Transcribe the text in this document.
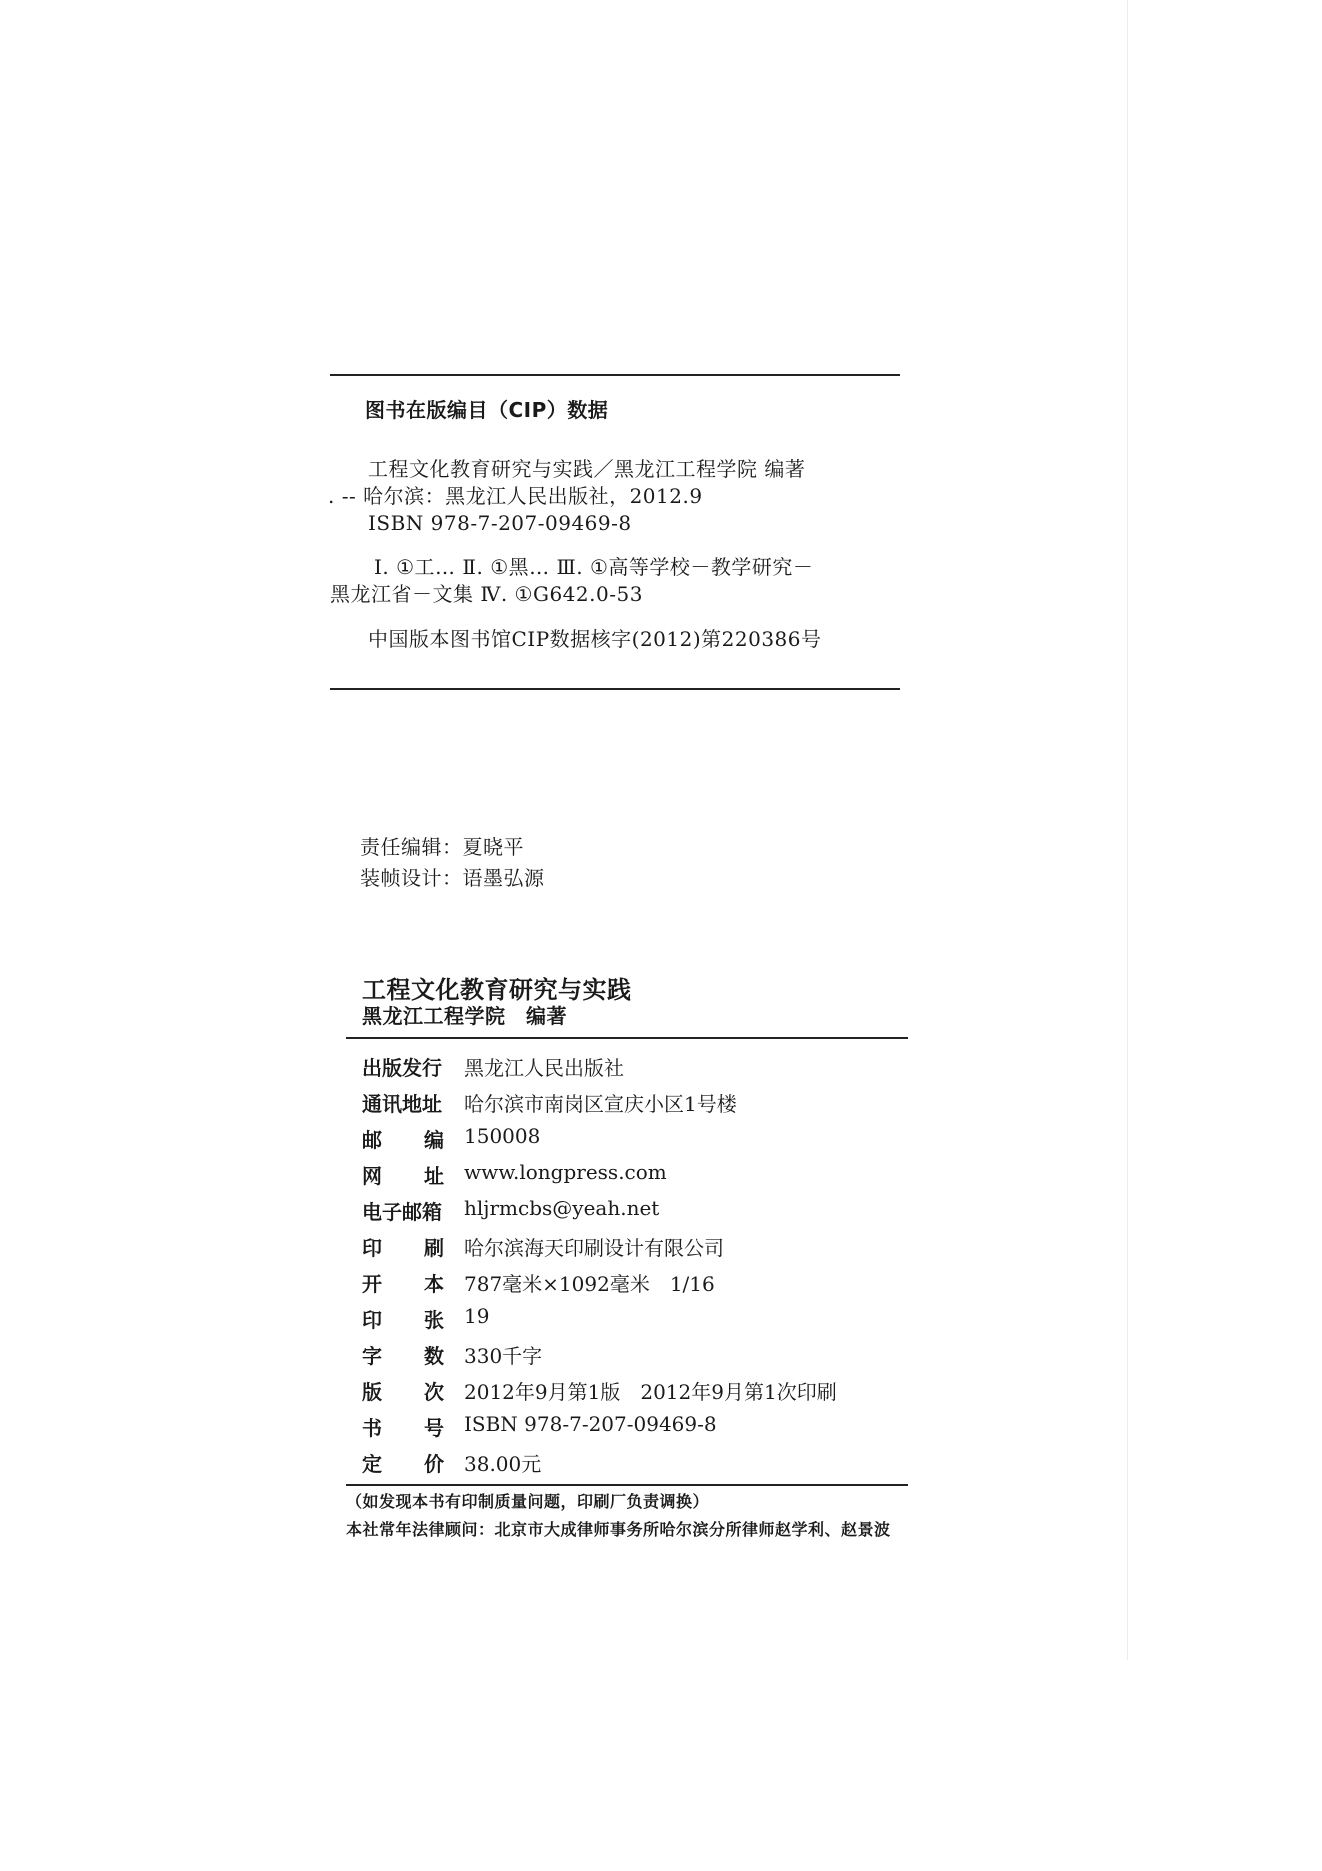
图书在版编目（CIP）数据
工程文化教育研究与实践／黑龙江工程学院 编著
. -- 哈尔滨：黑龙江人民出版社，2012.9
ISBN 978-7-207-09469-8
Ⅰ. ①工… Ⅱ. ①黑… Ⅲ. ①高等学校－教学研究－
黑龙江省－文集 Ⅳ. ①G642.0-53
中国版本图书馆CIP数据核字(2012)第220386号
责任编辑：夏晓平
装帧设计：语墨弘源
工程文化教育研究与实践
黑龙江工程学院　编著
出版发行 黑龙江人民出版社
通讯地址 哈尔滨市南岗区宣庆小区1号楼
邮 编 150008
网 址 www.longpress.com
电子邮箱 hljrmcbs@yeah.net
印 刷 哈尔滨海天印刷设计有限公司
开 本 787毫米×1092毫米　1/16
印 张 19
字 数 330千字
版 次 2012年9月第1版　2012年9月第1次印刷
书 号 ISBN 978-7-207-09469-8
定 价 38.00元
（如发现本书有印制质量问题，印刷厂负责调换）
本社常年法律顾问：北京市大成律师事务所哈尔滨分所律师赵学利、赵景波
